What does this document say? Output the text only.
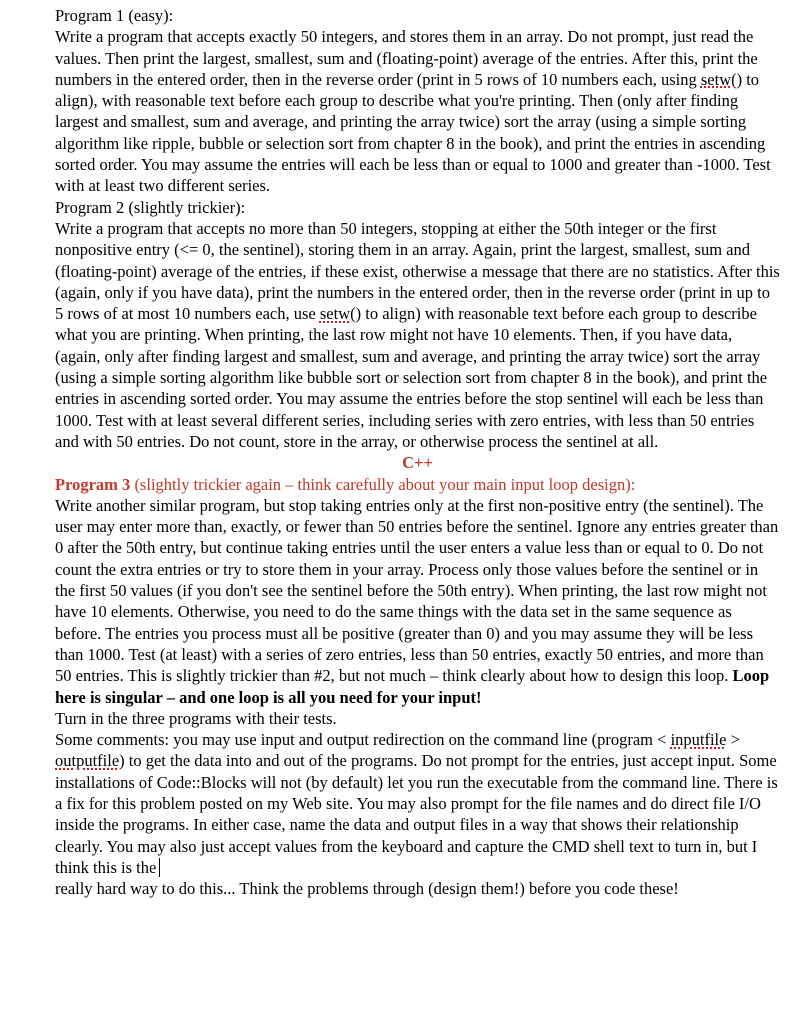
Program 1 (easy):

Write a program that accepts exactly 50 integers, and stores them in an array. Do not prompt, just read the values. Then print the largest, smallest, sum and (floating-point) average of the entries. After this, print the numbers in the entered order, then in the reverse order (print in 5 rows of 10 numbers each, using setw() to align), with reasonable text before each group to describe what you're printing. Then (only after finding largest and smallest, sum and average, and printing the array twice) sort the array (using a simple sorting algorithm like ripple, bubble or selection sort from chapter 8 in the book), and print the entries in ascending sorted order. You may assume the entries will each be less than or equal to 1000 and greater than -1000. Test with at least two different series.

Program 2 (slightly trickier):

Write a program that accepts no more than 50 integers, stopping at either the 50th integer or the first nonpositive entry (<= 0, the sentinel), storing them in an array. Again, print the largest, smallest, sum and (floating-point) average of the entries, if these exist, otherwise a message that there are no statistics. After this (again, only if you have data), print the numbers in the entered order, then in the reverse order (print in up to 5 rows of at most 10 numbers each, use setw() to align) with reasonable text before each group to describe what you are printing. When printing, the last row might not have 10 elements. Then, if you have data, (again, only after finding largest and smallest, sum and average, and printing the array twice) sort the array (using a simple sorting algorithm like bubble sort or selection sort from chapter 8 in the book), and print the entries in ascending sorted order. You may assume the entries before the stop sentinel will each be less than 1000. Test with at least several different series, including series with zero entries, with less than 50 entries and with 50 entries. Do not count, store in the array, or otherwise process the sentinel at all.

C++

Program 3 (slightly trickier again – think carefully about your main input loop design):

Write another similar program, but stop taking entries only at the first non-positive entry (the sentinel). The user may enter more than, exactly, or fewer than 50 entries before the sentinel. Ignore any entries greater than 0 after the 50th entry, but continue taking entries until the user enters a value less than or equal to 0. Do not count the extra entries or try to store them in your array. Process only those values before the sentinel or in the first 50 values (if you don't see the sentinel before the 50th entry). When printing, the last row might not have 10 elements. Otherwise, you need to do the same things with the data set in the same sequence as before. The entries you process must all be positive (greater than 0) and you may assume they will be less than 1000. Test (at least) with a series of zero entries, less than 50 entries, exactly 50 entries, and more than 50 entries. This is slightly trickier than #2, but not much – think clearly about how to design this loop. Loop here is singular – and one loop is all you need for your input!

Turn in the three programs with their tests.

Some comments: you may use input and output redirection on the command line (program < inputfile > outputfile) to get the data into and out of the programs. Do not prompt for the entries, just accept input. Some installations of Code::Blocks will not (by default) let you run the executable from the command line. There is a fix for this problem posted on my Web site. You may also prompt for the file names and do direct file I/O inside the programs. In either case, name the data and output files in a way that shows their relationship clearly. You may also just accept values from the keyboard and capture the CMD shell text to turn in, but I think this is the
really hard way to do this... Think the problems through (design them!) before you code these!
